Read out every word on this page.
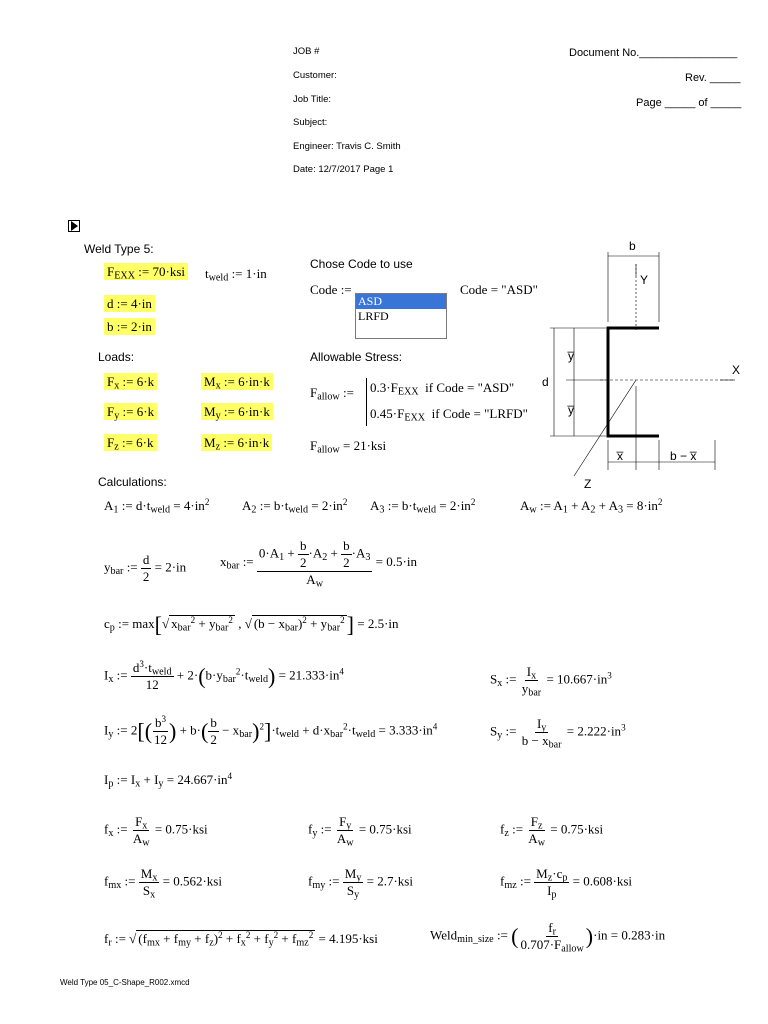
JOB #
Customer:
Job Title:
Subject:
Engineer: Travis C. Smith
Date: 12/7/2017 Page 1
Document No.________________
Rev. _____
Page _____ of _____
Weld Type 5:
$F_{EXX}$ := 70·ksi $t_{weld}$ := 1·in
d := 4·in
b := 2·in
Chose Code to use
Code :=
ASD
LRFD
Code = "ASD"
Loads:
$F_x$ := 6·k
$F_y$ := 6·k
$F_z$ := 6·k
$M_x$ := 6·in·k
$M_y$ := 6·in·k
$M_z$ := 6·in·k
Allowable Stress:
$F_{allow}$ := $0.3\cdot F_{EXX}$  if Code = "ASD"
$0.45\cdot F_{EXX}$  if Code = "LRFD"
$F_{allow} = 21\cdot ksi$
b
Y
X
Z
d
y̅
y̅
x̅	b − x̅
Calculations:
$A_1$ := $d\cdot t_{weld} = 4\cdot in^2$	$A_2$ := $b\cdot t_{weld} = 2\cdot in^2$ $A_3$ := $b\cdot t_{weld} = 2\cdot in^2$	$A_w$ := $A_1 + A_2 + A_3 = 8\cdot in^2$
$y_{bar}$ := $\frac{d}{2} = 2\cdot in$	$x_{bar}$ := $\frac{0\cdot A_1 + \frac{b}{2} \cdot A_2 + \frac{b}{2} \cdot A_3}{A_w} = 0.5\cdot in$
$c_p$ := max[√ $x_{bar}^2 + y_{bar}^2$ , √ $(b - x_{bar})^2 + y_{bar}^2] = 2.5\cdot in$
$I_x$ := $\frac{d^3\cdot t_{weld}}{12} + 2\cdot(b\cdot y_{bar}^2\cdot t_{weld}) = 21.333\cdot in^4$	$S_x$ := $\frac{I_x}{y_{bar}} = 10.667\cdot in^3$
$I_y$ := $2[( \frac{b^3}{12}$ ) + $b\cdot( \frac{b}{2} - x_{bar})^2]\cdot t_{weld} + d\cdot x_{bar}^2\cdot t_{weld} = 3.333\cdot in^4$	$S_y$ := $\frac{I_y}{b - x_{bar}} = 2.222\cdot in^3$
$I_p$ := $I_x + I_y = 24.667\cdot in^4$
$f_x$ := $\frac{F_x}{A_w} = 0.75\cdot ksi$	$f_y$ := $\frac{F_y}{A_w} = 0.75\cdot ksi$	$f_z$ := $\frac{F_z}{A_w} = 0.75\cdot ksi$
$f_{mx}$ := $\frac{M_x}{S_x} = 0.562\cdot ksi$	$f_{my}$ := $\frac{M_y}{S_y} = 2.7\cdot ksi$	$f_{mz}$ := $\frac{M_z\cdot c_p}{I_p} = 0.608\cdot ksi$
$f_r$ := √ $(f_{mx} + f_{my} + f_z)^2 + f_x^2 + f_y^2 + f_{mz}^2 = 4.195\cdot ksi$	Weld$_{min\_size}$ := ( $\frac{f_r}{0.707\cdot F_{allow}} )\cdot in = 0.283\cdot in$
Weld Type 05_C-Shape_R002.xmcd
